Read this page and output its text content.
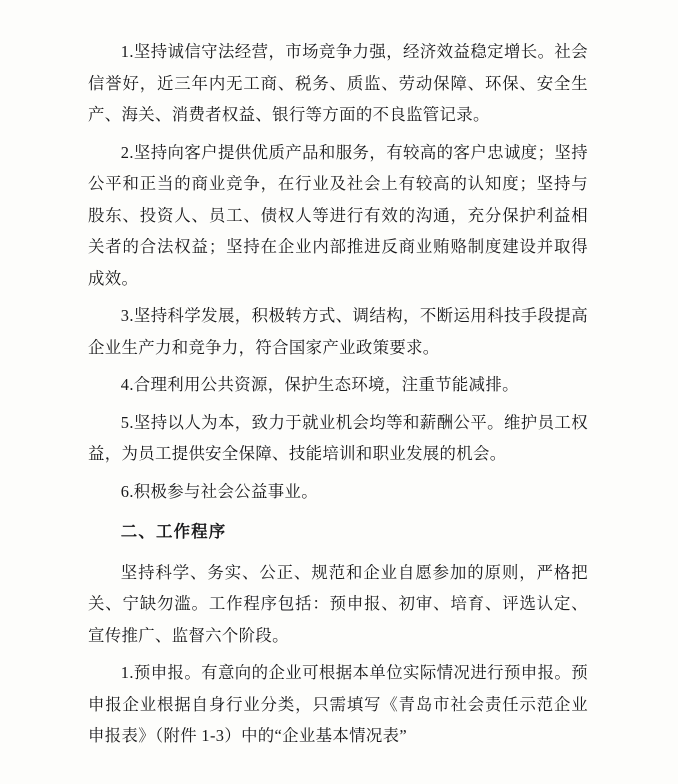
1.坚持诚信守法经营，市场竞争力强，经济效益稳定增长。社会信誉好，近三年内无工商、税务、质监、劳动保障、环保、安全生产、海关、消费者权益、银行等方面的不良监管记录。

2.坚持向客户提供优质产品和服务，有较高的客户忠诚度；坚持公平和正当的商业竞争，在行业及社会上有较高的认知度；坚持与股东、投资人、员工、债权人等进行有效的沟通，充分保护利益相关者的合法权益；坚持在企业内部推进反商业贿赂制度建设并取得成效。

3.坚持科学发展，积极转方式、调结构，不断运用科技手段提高企业生产力和竞争力，符合国家产业政策要求。

4.合理利用公共资源，保护生态环境，注重节能减排。

5.坚持以人为本，致力于就业机会均等和薪酬公平。维护员工权益，为员工提供安全保障、技能培训和职业发展的机会。

6.积极参与社会公益事业。

二、工作程序

坚持科学、务实、公正、规范和企业自愿参加的原则，严格把关、宁缺勿滥。工作程序包括：预申报、初审、培育、评选认定、宣传推广、监督六个阶段。

1.预申报。有意向的企业可根据本单位实际情况进行预申报。预申报企业根据自身行业分类，只需填写《青岛市社会责任示范企业申报表》（附件 1-3）中的“企业基本情况表”
